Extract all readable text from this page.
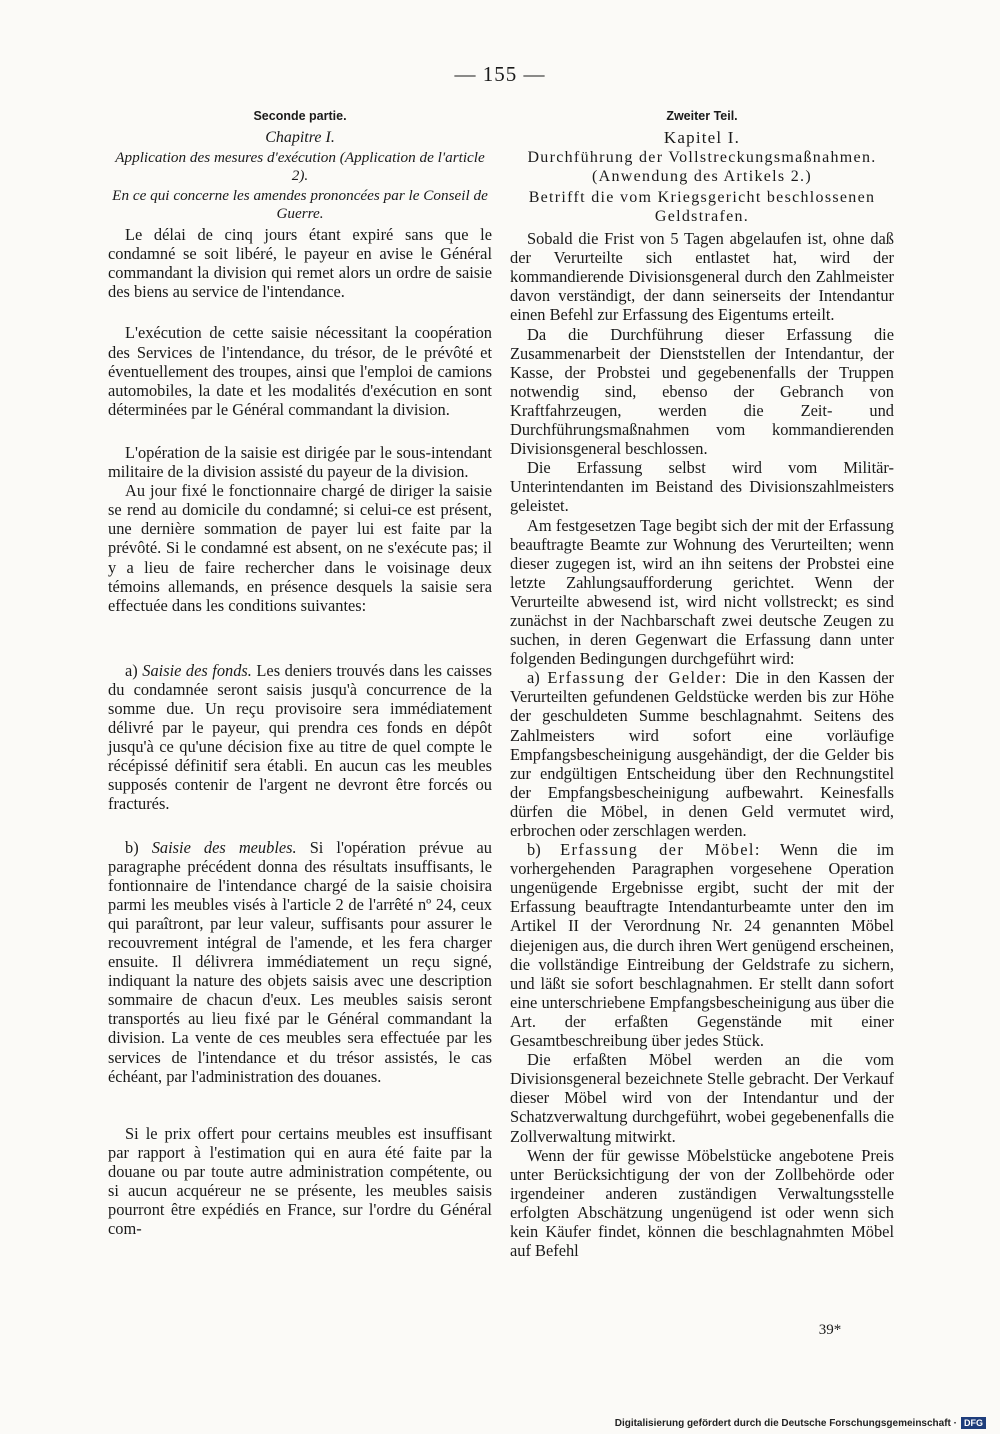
— 155 —
Seconde partie.
Chapitre I.
Application des mesures d'exécution (Application de l'article 2).
En ce qui concerne les amendes prononcées par le Conseil de Guerre.

Le délai de cinq jours étant expiré sans que le condamné se soit libéré, le payeur en avise le Général commandant la division qui remet alors un ordre de saisie des biens au service de l'intendance.

L'exécution de cette saisie nécessitant la coopération des Services de l'intendance, du trésor, de le prévôté et éventuellement des troupes, ainsi que l'emploi de camions automobiles, la date et les modalités d'exécution en sont déterminées par le Général commandant la division.

L'opération de la saisie est dirigée par le sous-intendant militaire de la division assisté du payeur de la division.

Au jour fixé le fonctionnaire chargé de diriger la saisie se rend au domicile du condamné; si celui-ce est présent, une dernière sommation de payer lui est faite par la prévôté. Si le condamné est absent, on ne s'exécute pas; il y a lieu de faire rechercher dans le voisinage deux témoins allemands, en présence desquels la saisie sera effectuée dans les conditions suivantes:

a) Saisie des fonds. Les deniers trouvés dans les caisses du condamnée seront saisis jusqu'à concurrence de la somme due. Un reçu provisoire sera immédiatement délivré par le payeur, qui prendra ces fonds en dépôt jusqu'à ce qu'une décision fixe au titre de quel compte le récépissé définitif sera établi. En aucun cas les meubles supposés contenir de l'argent ne devront être forcés ou fracturés.

b) Saisie des meubles. Si l'opération prévue au paragraphe précédent donna des résultats insuffisants, le fontionnaire de l'intendance chargé de la saisie choisira parmi les meubles visés à l'article 2 de l'arrêté nº 24, ceux qui paraîtront, par leur valeur, suffisants pour assurer le recouvrement intégral de l'amende, et les fera charger ensuite. Il délivrera immédiatement un reçu signé, indiquant la nature des objets saisis avec une description sommaire de chacun d'eux. Les meubles saisis seront transportés au lieu fixé par le Général commandant la division. La vente de ces meubles sera effectuée par les services de l'intendance et du trésor assistés, le cas échéant, par l'administration des douanes.

Si le prix offert pour certains meubles est insuffisant par rapport à l'estimation qui en aura été faite par la douane ou par toute autre administration compétente, ou si aucun acquéreur ne se présente, les meubles saisis pourront être expédiés en France, sur l'ordre du Général com-

Zweiter Teil.
Kapitel I.
Durchführung der Vollstreckungsmaßnahmen. (Anwendung des Artikels 2.)
Betrifft die vom Kriegsgericht beschlossenen Geldstrafen.

Sobald die Frist von 5 Tagen abgelaufen ist, ohne daß der Verurteilte sich entlastet hat, wird der kommandierende Divisionsgeneral durch den Zahlmeister davon verständigt, der dann seinerseits der Intendantur einen Befehl zur Erfassung des Eigentums erteilt.

Da die Durchführung dieser Erfassung die Zusammenarbeit der Dienststellen der Intendantur, der Kasse, der Probstei und gegebenenfalls der Truppen notwendig sind, ebenso der Gebranch von Kraftfahrzeugen, werden die Zeit- und Durchführungsmaßnahmen vom kommandierenden Divisionsgeneral beschlossen.

Die Erfassung selbst wird vom Militär-Unterintendanten im Beistand des Divisionszahlmeisters geleistet.

Am festgesetzen Tage begibt sich der mit der Erfassung beauftragte Beamte zur Wohnung des Verurteilten; wenn dieser zugegen ist, wird an ihn seitens der Probstei eine letzte Zahlungsaufforderung gerichtet. Wenn der Verurteilte abwesend ist, wird nicht vollstreckt; es sind zunächst in der Nachbarschaft zwei deutsche Zeugen zu suchen, in deren Gegenwart die Erfassung dann unter folgenden Bedingungen durchgeführt wird:

a) Erfassung der Gelder: Die in den Kassen der Verurteilten gefundenen Geldstücke werden bis zur Höhe der geschuldeten Summe beschlagnahmt. Seitens des Zahlmeisters wird sofort eine vorläufige Empfangsbescheinigung ausgehändigt, der die Gelder bis zur endgültigen Entscheidung über den Rechnungstitel der Empfangsbescheinigung aufbewahrt. Keinesfalls dürfen die Möbel, in denen Geld vermutet wird, erbrochen oder zerschlagen werden.

b) Erfassung der Möbel: Wenn die im vorhergehenden Paragraphen vorgesehene Operation ungenügende Ergebnisse ergibt, sucht der mit der Erfassung beauftragte Intendanturbeamte unter den im Artikel II der Verordnung Nr. 24 genannten Möbel diejenigen aus, die durch ihren Wert genügend erscheinen, die vollständige Eintreibung der Geldstrafe zu sichern, und läßt sie sofort beschlagnahmen. Er stellt dann sofort eine unterschriebene Empfangsbescheinigung aus über die Art. der erfaßten Gegenstände mit einer Gesamtbeschreibung über jedes Stück.

Die erfaßten Möbel werden an die vom Divisionsgeneral bezeichnete Stelle gebracht. Der Verkauf dieser Möbel wird von der Intendantur und der Schatzverwaltung durchgeführt, wobei gegebenenfalls die Zollverwaltung mitwirkt.

Wenn der für gewisse Möbelstücke angebotene Preis unter Berücksichtigung der von der Zollbehörde oder irgendeiner anderen zuständigen Verwaltungsstelle erfolgten Abschätzung ungenügend ist oder wenn sich kein Käufer findet, können die beschlagnahmten Möbel auf Befehl

39*
Digitalisierung gefördert durch die Deutsche Forschungsgemeinschaft · DFG
